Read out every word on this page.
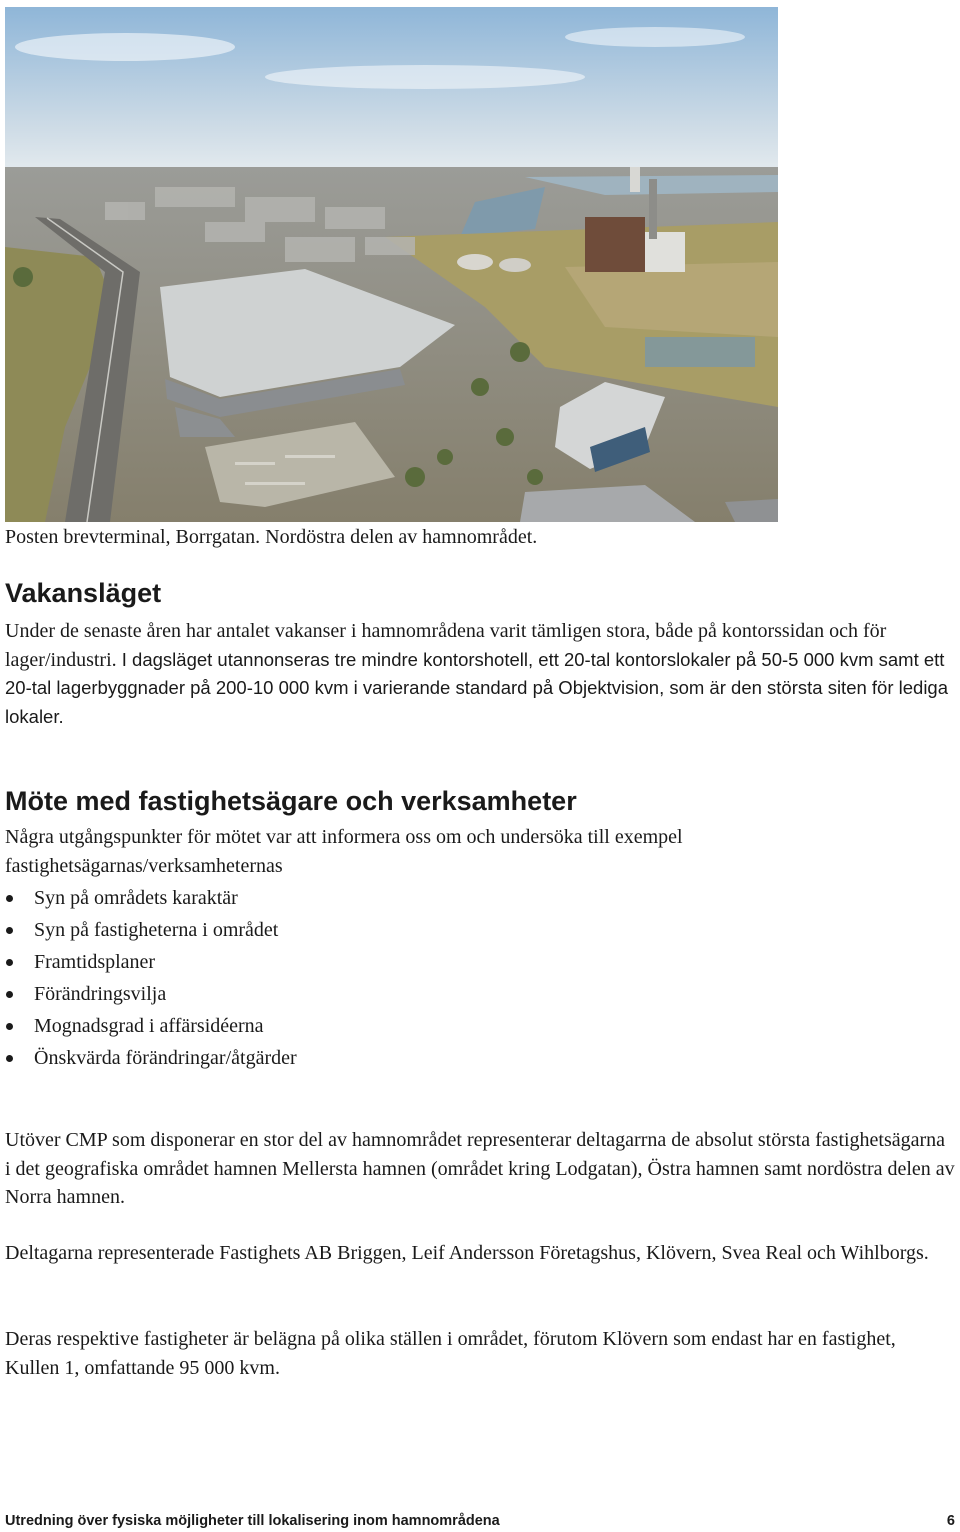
Posten brevterminal, Borrgatan. Nordöstra delen av hamnområdet.
Vakansläget
Under de senaste åren har antalet vakanser i hamnområdena varit tämligen stora, både på kontorssidan och för lager/industri. I dagsläget utannonseras tre mindre kontorshotell, ett 20-tal kontorslokaler på 50-5 000 kvm samt ett 20-tal lagerbyggnader på 200-10 000 kvm i varierande standard på Objektvision, som är den största siten för lediga lokaler.
Möte med fastighetsägare och verksamheter
Några utgångspunkter för mötet var att informera oss om och undersöka till exempel fastighetsägarnas/verksamheternas
Syn på områdets karaktär
Syn på fastigheterna i området
Framtidsplaner
Förändringsvilja
Mognadsgrad i affärsidéerna
Önskvärda förändringar/åtgärder
Utöver CMP som disponerar en stor del av hamnområdet representerar deltagarrna de absolut största fastighetsägarna i det geografiska området hamnen Mellersta hamnen (området kring Lodgatan), Östra hamnen samt nordöstra delen av Norra hamnen.
Deltagarna representerade Fastighets AB Briggen, Leif Andersson Företagshus, Klövern, Svea Real och Wihlborgs.
Deras respektive fastigheter är belägna på olika ställen i området, förutom Klövern som endast har en fastighet, Kullen 1, omfattande 95 000 kvm.
Utredning över fysiska möjligheter till lokalisering inom hamnområdena	6
